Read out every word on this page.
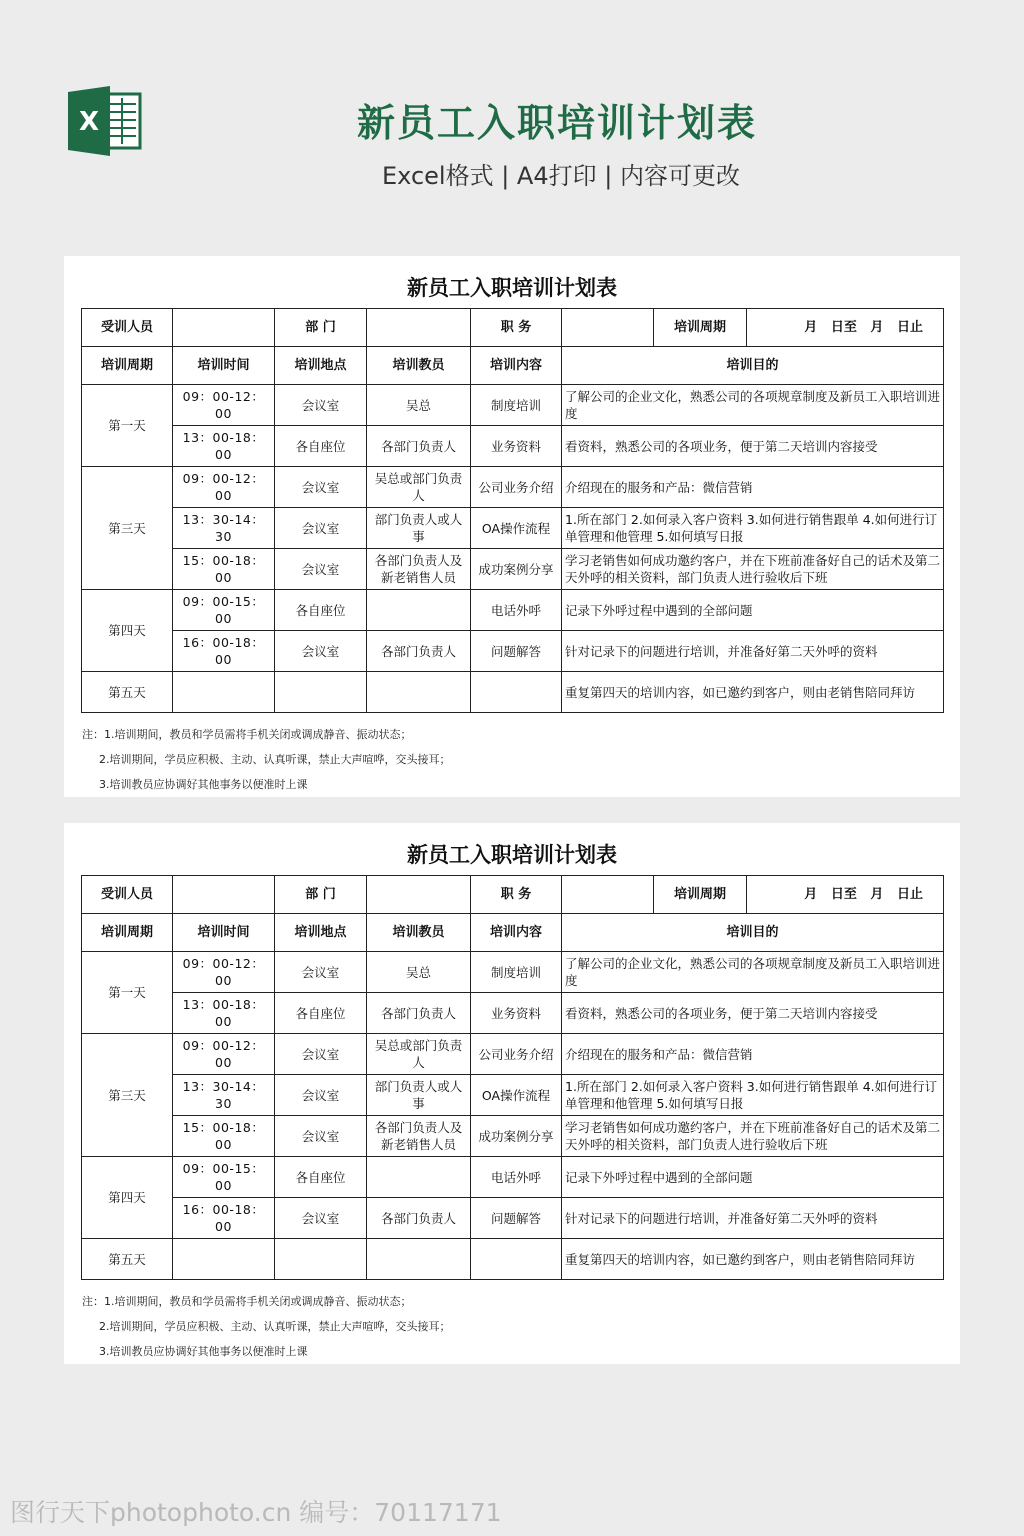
X	新员工入职培训计划表
Excel格式 | A4打印 | 内容可更改
新员工入职培训计划表
受训人员		部 门		职 务		培训周期 月   日至   月   日止

培训周期	培训时间	培训地点	培训教员	培训内容	培训目的	
第一天	09：00-12：00	会议室	吴总	制度培训	了解公司的企业文化，熟悉公司的各项规章制度及新员工入职培训进度	
	13：00-18：00	各自座位	各部门负责人	业务资料	看资料，熟悉公司的各项业务，便于第二天培训内容接受	
第三天	09：00-12：00	会议室	吴总或部门负责人	公司业务介绍	介绍现在的服务和产品：微信营销	
	13：30-14：30	会议室	部门负责人或人事	OA操作流程	1.所在部门 2.如何录入客户资料 3.如何进行销售跟单 4.如何进行订单管理和他管理 5.如何填写日报	
	15：00-18：00	会议室	各部门负责人及新老销售人员	成功案例分享	学习老销售如何成功邀约客户，并在下班前准备好自己的话术及第二天外呼的相关资料，部门负责人进行验收后下班	
第四天	09：00-15：00	各自座位		电话外呼	记录下外呼过程中遇到的全部问题	
	16：00-18：00	会议室	各部门负责人	问题解答	针对记录下的问题进行培训，并准备好第二天外呼的资料	
第五天					重复第四天的培训内容，如已邀约到客户，则由老销售陪同拜访	
注：1.培训期间，教员和学员需将手机关闭或调成静音、振动状态；
2.培训期间，学员应积极、主动、认真听课，禁止大声喧哗，交头接耳；
3.培训教员应协调好其他事务以便准时上课
新员工入职培训计划表
受训人员		部 门		职 务		培训周期 月   日至   月   日止

培训周期	培训时间	培训地点	培训教员	培训内容	培训目的	
第一天	09：00-12：00	会议室	吴总	制度培训	了解公司的企业文化，熟悉公司的各项规章制度及新员工入职培训进度	
	13：00-18：00	各自座位	各部门负责人	业务资料	看资料，熟悉公司的各项业务，便于第二天培训内容接受	
第三天	09：00-12：00	会议室	吴总或部门负责人	公司业务介绍	介绍现在的服务和产品：微信营销	
	13：30-14：30	会议室	部门负责人或人事	OA操作流程	1.所在部门 2.如何录入客户资料 3.如何进行销售跟单 4.如何进行订单管理和他管理 5.如何填写日报	
	15：00-18：00	会议室	各部门负责人及新老销售人员	成功案例分享	学习老销售如何成功邀约客户，并在下班前准备好自己的话术及第二天外呼的相关资料，部门负责人进行验收后下班	
第四天	09：00-15：00	各自座位		电话外呼	记录下外呼过程中遇到的全部问题	
	16：00-18：00	会议室	各部门负责人	问题解答	针对记录下的问题进行培训，并准备好第二天外呼的资料	
第五天					重复第四天的培训内容，如已邀约到客户，则由老销售陪同拜访	
注：1.培训期间，教员和学员需将手机关闭或调成静音、振动状态；
2.培训期间，学员应积极、主动、认真听课，禁止大声喧哗，交头接耳；
3.培训教员应协调好其他事务以便准时上课
图行天下photophoto.cn 编号：70117171
